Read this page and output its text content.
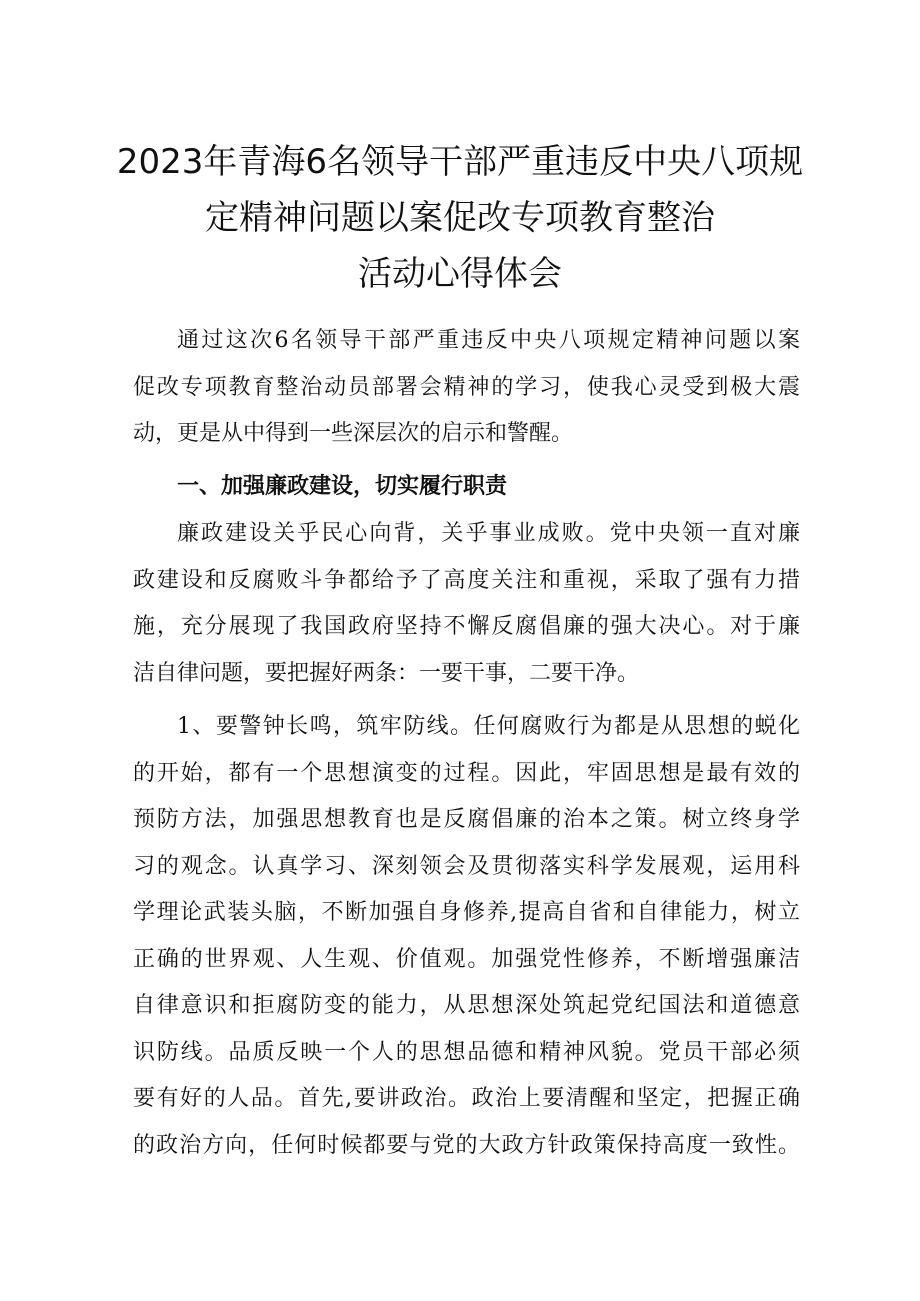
2023年青海6名领导干部严重违反中央八项规
定精神问题以案促改专项教育整治
活动心得体会
通过这次6名领导干部严重违反中央八项规定精神问题以案
促改专项教育整治动员部署会精神的学习，使我心灵受到极大震
动，更是从中得到一些深层次的启示和警醒。
一、加强廉政建设，切实履行职责
廉政建设关乎民心向背，关乎事业成败。党中央领一直对廉
政建设和反腐败斗争都给予了高度关注和重视，采取了强有力措
施，充分展现了我国政府坚持不懈反腐倡廉的强大决心。对于廉
洁自律问题，要把握好两条：一要干事，二要干净。
1、要警钟长鸣，筑牢防线。任何腐败行为都是从思想的蜕化
的开始，都有一个思想演变的过程。因此，牢固思想是最有效的
预防方法，加强思想教育也是反腐倡廉的治本之策。树立终身学
习的观念。认真学习、深刻领会及贯彻落实科学发展观，运用科
学理论武装头脑，不断加强自身修养,提高自省和自律能力，树立
正确的世界观、人生观、价值观。加强党性修养，不断增强廉洁
自律意识和拒腐防变的能力，从思想深处筑起党纪国法和道德意
识防线。品质反映一个人的思想品德和精神风貌。党员干部必须
要有好的人品。首先,要讲政治。政治上要清醒和坚定，把握正确
的政治方向，任何时候都要与党的大政方针政策保持高度一致性。
